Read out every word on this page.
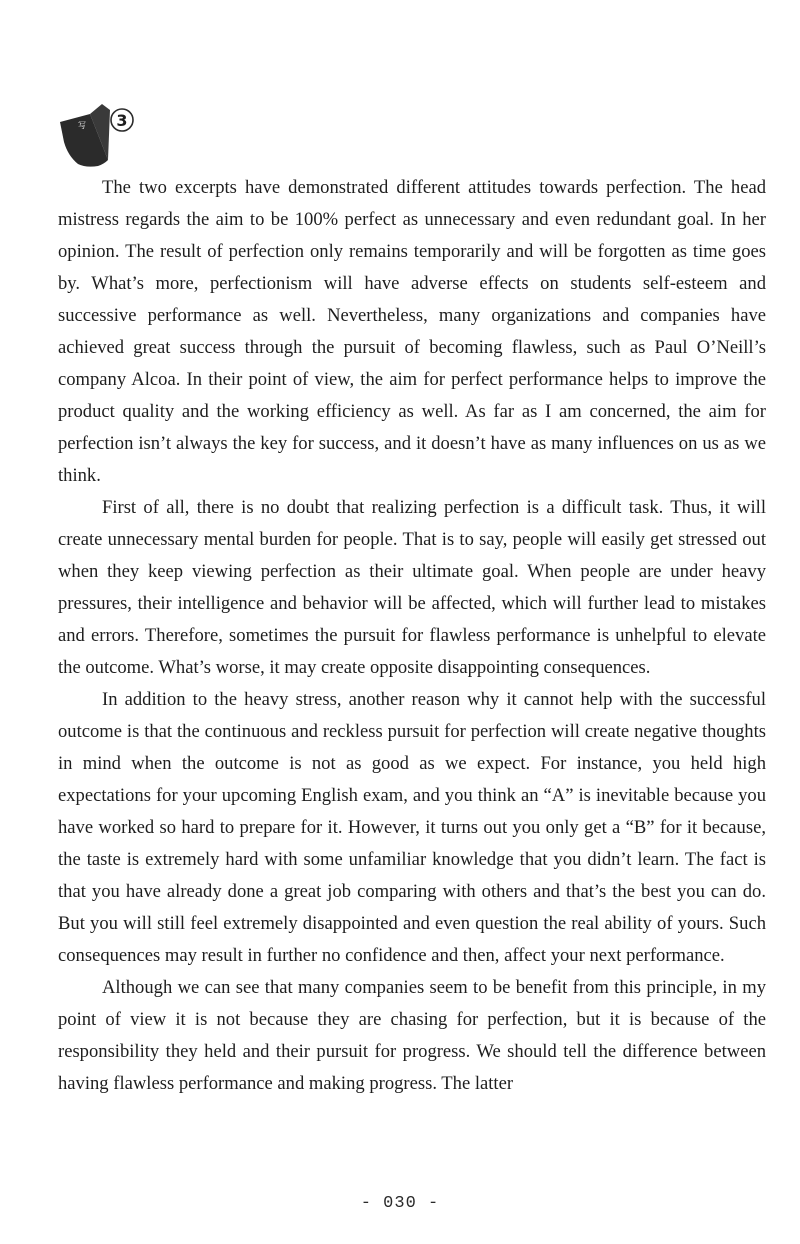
写 3

The two excerpts have demonstrated different attitudes towards perfection. The head mistress regards the aim to be 100% perfect as unnecessary and even redundant goal. In her opinion. The result of perfection only remains temporarily and will be forgotten as time goes by. What’s more, perfectionism will have adverse effects on students self-esteem and successive performance as well. Nevertheless, many organizations and companies have achieved great success through the pursuit of becoming flawless, such as Paul O’Neill’s company Alcoa. In their point of view, the aim for perfect performance helps to improve the product quality and the working efficiency as well. As far as I am concerned, the aim for perfection isn’t always the key for success, and it doesn’t have as many influences on us as we think.

First of all, there is no doubt that realizing perfection is a difficult task. Thus, it will create unnecessary mental burden for people. That is to say, people will easily get stressed out when they keep viewing perfection as their ultimate goal. When people are under heavy pressures, their intelligence and behavior will be affected, which will further lead to mistakes and errors. Therefore, sometimes the pursuit for flawless performance is unhelpful to elevate the outcome. What’s worse, it may create opposite disappointing consequences.

In addition to the heavy stress, another reason why it cannot help with the successful outcome is that the continuous and reckless pursuit for perfection will create negative thoughts in mind when the outcome is not as good as we expect. For instance, you held high expectations for your upcoming English exam, and you think an “A” is inevitable because you have worked so hard to prepare for it. However, it turns out you only get a “B” for it because, the taste is extremely hard with some unfamiliar knowledge that you didn’t learn. The fact is that you have already done a great job comparing with others and that’s the best you can do. But you will still feel extremely disappointed and even question the real ability of yours. Such consequences may result in further no confidence and then, affect your next performance.

Although we can see that many companies seem to be benefit from this principle, in my point of view it is not because they are chasing for perfection, but it is because of the responsibility they held and their pursuit for progress. We should tell the difference between having flawless performance and making progress. The latter

- 030 -
